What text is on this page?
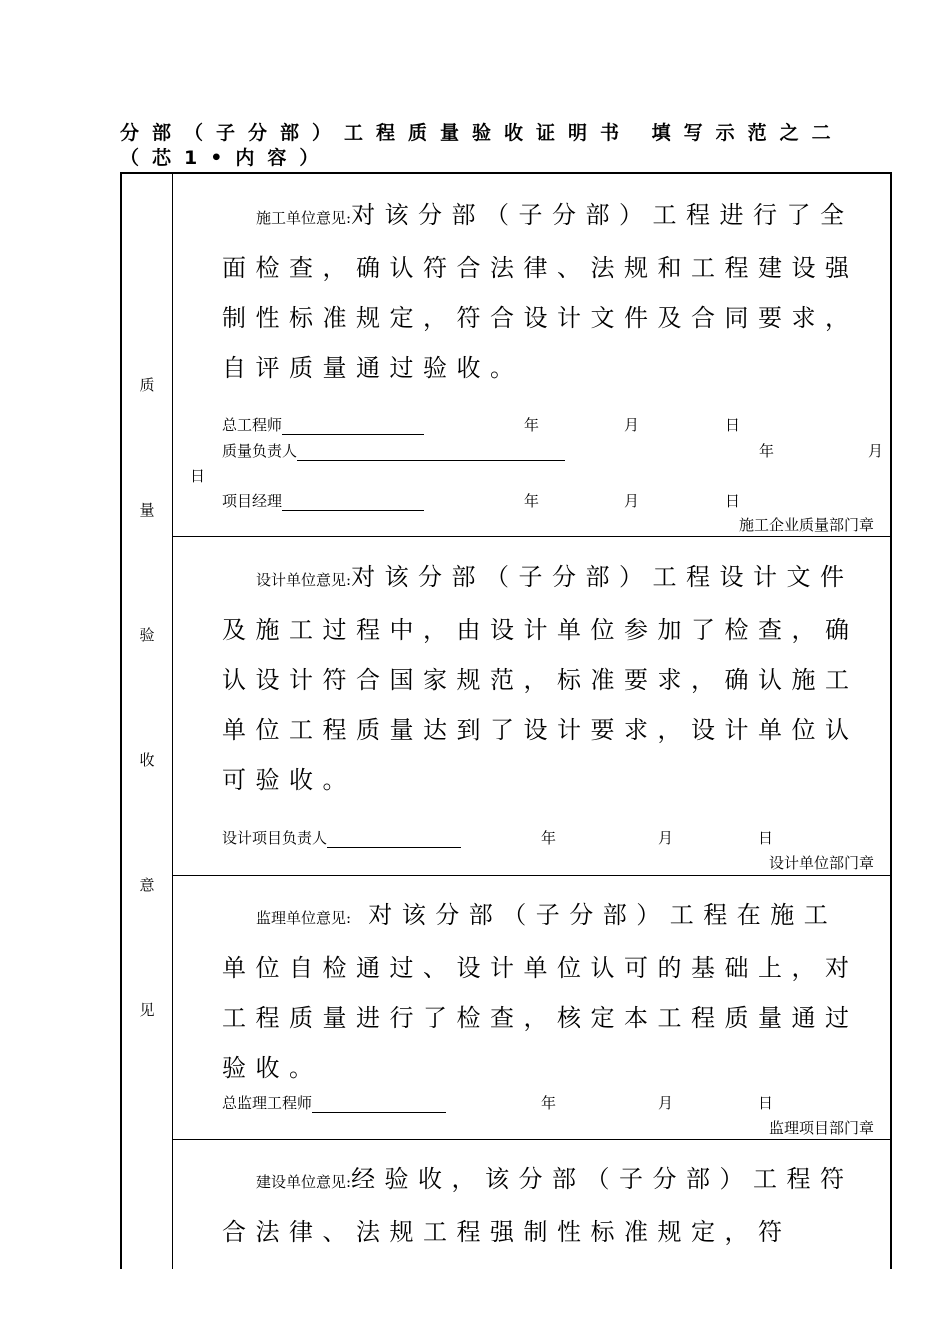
分部（子分部）工程质量验收证明书 填写示范之二（芯1•内容）
质
量
验
收
意
见
施工单位意见:对该分部（子分部）工程进行了全面检查，确认符合法律、法规和工程建设强制性标准规定，符合设计文件及合同要求，自评质量通过验收。
总工程师	年	月	日
质量负责人	年	月
日
项目经理	年	月	日
施工企业质量部门章
设计单位意见:对该分部（子分部）工程设计文件及施工过程中，由设计单位参加了检查，确认设计符合国家规范，标准要求，确认施工单位工程质量达到了设计要求，设计单位认可验收。
设计项目负责人	年	月	日
设计单位部门章
监理单位意见: 对该分部（子分部）工程在施工单位自检通过、设计单位认可的基础上，对工程质量进行了检查，核定本工程质量通过验收。
总监理工程师	年	月	日
监理项目部门章
建设单位意见:经验收，该分部（子分部）工程符合法律、法规工程强制性标准规定，符
